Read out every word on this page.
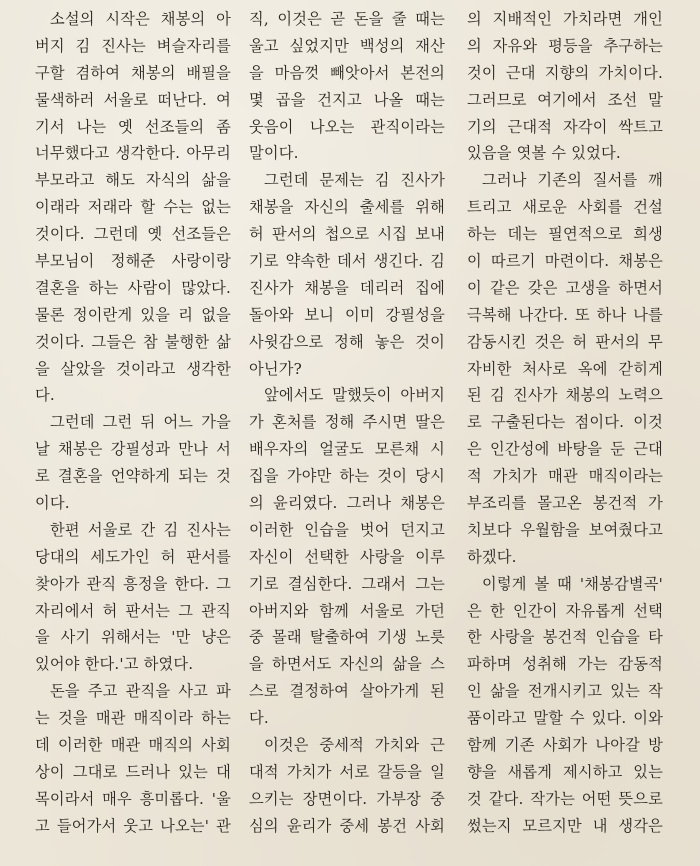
소설의 시작은 채봉의 아
버지 김 진사는 벼슬자리를
구할 겸하여 채봉의 배필을
물색하러 서울로 떠난다. 여
기서 나는 옛 선조들의 좀
너무했다고 생각한다. 아무리
부모라고 해도 자식의 삶을
이래라 저래라 할 수는 없는
것이다. 그런데 옛 선조들은
부모님이 정해준 사랑이랑
결혼을 하는 사람이 많았다.
물론 정이란게 있을 리 없을
것이다. 그들은 참 불행한 삶
을 살았을 것이라고 생각한
다.
그런데 그런 뒤 어느 가을
날 채봉은 강필성과 만나 서
로 결혼을 언약하게 되는 것
이다.
한편 서울로 간 김 진사는
당대의 세도가인 허 판서를
찾아가 관직 흥정을 한다. 그
자리에서 허 판서는 그 관직
을 사기 위해서는 '만 냥은
있어야 한다.'고 하였다.
돈을 주고 관직을 사고 파
는 것을 매관 매직이라 하는
데 이러한 매관 매직의 사회
상이 그대로 드러나 있는 대
목이라서 매우 흥미롭다. '울
고 들어가서 웃고 나오는' 관
직, 이것은 곧 돈을 줄 때는
울고 싶었지만 백성의 재산
을 마음껏 빼앗아서 본전의
몇 곱을 건지고 나올 때는
웃음이 나오는 관직이라는
말이다.
그런데 문제는 김 진사가
채봉을 자신의 출세를 위해
허 판서의 첩으로 시집 보내
기로 약속한 데서 생긴다. 김
진사가 채봉을 데리러 집에
돌아와 보니 이미 강필성을
사윗감으로 정해 놓은 것이
아닌가?
앞에서도 말했듯이 아버지
가 혼처를 정해 주시면 딸은
배우자의 얼굴도 모른채 시
집을 가야만 하는 것이 당시
의 윤리였다. 그러나 채봉은
이러한 인습을 벗어 던지고
자신이 선택한 사랑을 이루
기로 결심한다. 그래서 그는
아버지와 함께 서울로 가던
중 몰래 탈출하여 기생 노릇
을 하면서도 자신의 삶을 스
스로 결정하여 살아가게 된
다.
이것은 중세적 가치와 근
대적 가치가 서로 갈등을 일
으키는 장면이다. 가부장 중
심의 윤리가 중세 봉건 사회
의 지배적인 가치라면 개인
의 자유와 평등을 추구하는
것이 근대 지향의 가치이다.
그러므로 여기에서 조선 말
기의 근대적 자각이 싹트고
있음을 엿볼 수 있었다.
그러나 기존의 질서를 깨
트리고 새로운 사회를 건설
하는 데는 필연적으로 희생
이 따르기 마련이다. 채봉은
이 같은 갖은 고생을 하면서
극복해 나간다. 또 하나 나를
감동시킨 것은 허 판서의 무
자비한 처사로 옥에 갇히게
된 김 진사가 채봉의 노력으
로 구출된다는 점이다. 이것
은 인간성에 바탕을 둔 근대
적 가치가 매관 매직이라는
부조리를 몰고온 봉건적 가
치보다 우월함을 보여줬다고
하겠다.
이렇게 볼 때 '채봉감별곡'
은 한 인간이 자유롭게 선택
한 사랑을 봉건적 인습을 타
파하며 성취해 가는 감동적
인 삶을 전개시키고 있는 작
품이라고 말할 수 있다. 이와
함께 기존 사회가 나아갈 방
향을 새롭게 제시하고 있는
것 같다. 작가는 어떤 뜻으로
썼는지 모르지만 내 생각은
